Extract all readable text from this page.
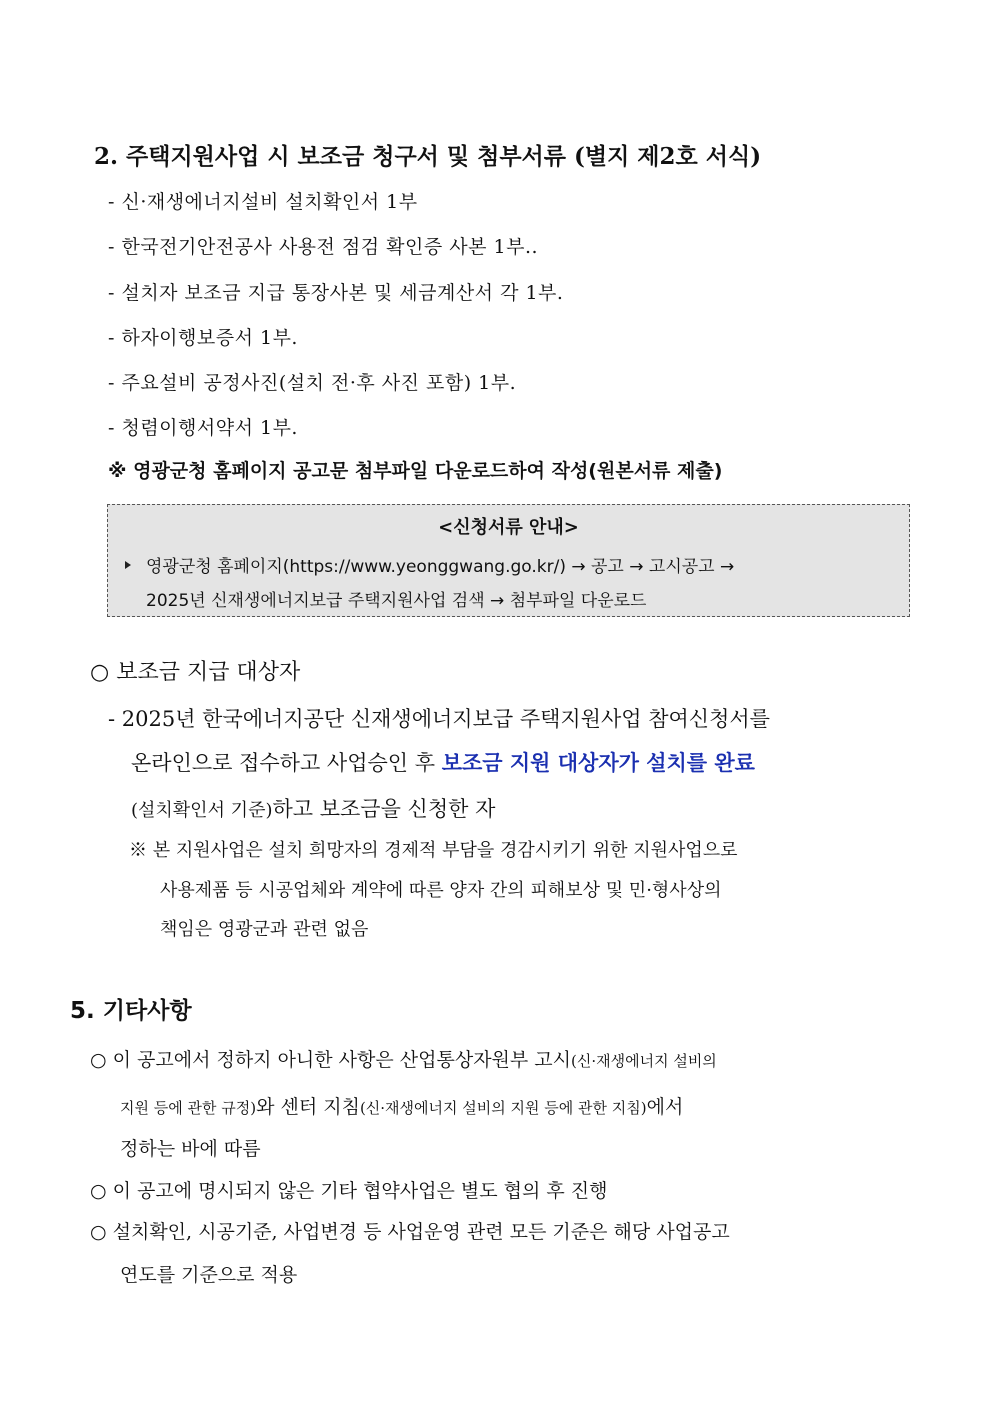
2. 주택지원사업 시 보조금 청구서 및 첨부서류 (별지 제2호 서식)
- 신·재생에너지설비 설치확인서 1부
- 한국전기안전공사 사용전 점검 확인증 사본 1부..
- 설치자 보조금 지급 통장사본 및 세금계산서 각 1부.
- 하자이행보증서 1부.
- 주요설비 공정사진(설치 전·후 사진 포함) 1부.
- 청렴이행서약서 1부.
※ 영광군청 홈페이지 공고문 첨부파일 다운로드하여 작성(원본서류 제출)
<신청서류 안내>
영광군청 홈페이지(https://www.yeonggwang.go.kr/) → 공고 → 고시공고 →
2025년 신재생에너지보급 주택지원사업 검색 → 첨부파일 다운로드
○ 보조금 지급 대상자
- 2025년 한국에너지공단 신재생에너지보급 주택지원사업 참여신청서를
온라인으로 접수하고 사업승인 후 보조금 지원 대상자가 설치를 완료
(설치확인서 기준)하고 보조금을 신청한 자
※ 본 지원사업은 설치 희망자의 경제적 부담을 경감시키기 위한 지원사업으로
사용제품 등 시공업체와 계약에 따른 양자 간의 피해보상 및 민·형사상의
책임은 영광군과 관련 없음
5. 기타사항
○ 이 공고에서 정하지 아니한 사항은 산업통상자원부 고시(신·재생에너지 설비의
지원 등에 관한 규정)와 센터 지침(신·재생에너지 설비의 지원 등에 관한 지침)에서
정하는 바에 따름
○ 이 공고에 명시되지 않은 기타 협약사업은 별도 협의 후 진행
○ 설치확인, 시공기준, 사업변경 등 사업운영 관련 모든 기준은 해당 사업공고
연도를 기준으로 적용
